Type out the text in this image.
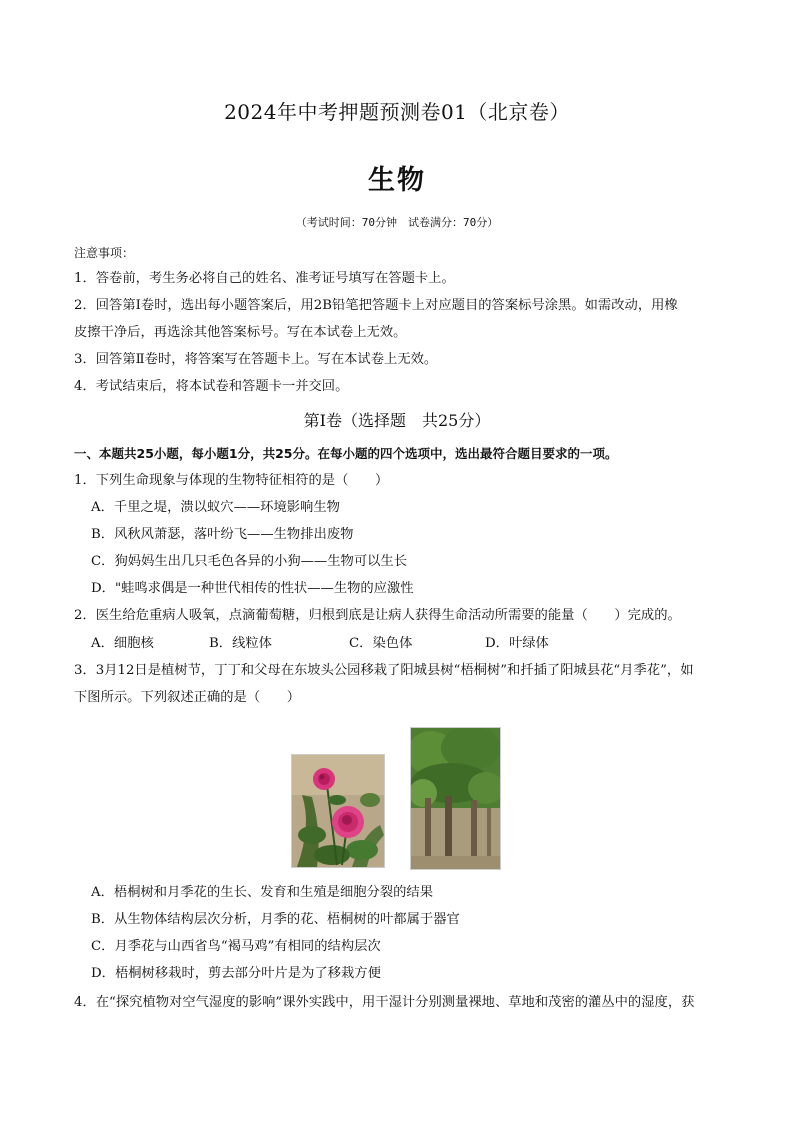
2024年中考押题预测卷01（北京卷）
生物
（考试时间：70分钟　试卷满分：70分）
注意事项：
1．答卷前，考生务必将自己的姓名、准考证号填写在答题卡上。
2．回答第Ⅰ卷时，选出每小题答案后，用2B铅笔把答题卡上对应题目的答案标号涂黑。如需改动，用橡
皮擦干净后，再选涂其他答案标号。写在本试卷上无效。
3．回答第Ⅱ卷时，将答案写在答题卡上。写在本试卷上无效。
4．考试结束后，将本试卷和答题卡一并交回。
第Ⅰ卷（选择题　共25分）
一、本题共25小题，每小题1分，共25分。在每小题的四个选项中，选出最符合题目要求的一项。
1．下列生命现象与体现的生物特征相符的是（　　）
A．千里之堤，溃以蚁穴——环境影响生物
B．风秋风萧瑟，落叶纷飞——生物排出废物
C．狗妈妈生出几只毛色各异的小狗——生物可以生长
D．"蛙鸣求偶是一种世代相传的性状——生物的应激性
2．医生给危重病人吸氧，点滴葡萄糖，归根到底是让病人获得生命活动所需要的能量（　　）完成的。
A．细胞核	B．线粒体	C．染色体	D．叶绿体
3．3月12日是植树节，丁丁和父母在东坡头公园移栽了阳城县树“梧桐树”和扦插了阳城县花“月季花”，如
下图所示。下列叙述正确的是（　　）
A．梧桐树和月季花的生长、发育和生殖是细胞分裂的结果
B．从生物体结构层次分析，月季的花、梧桐树的叶都属于器官
C．月季花与山西省鸟“褐马鸡”有相同的结构层次
D．梧桐树移栽时，剪去部分叶片是为了移栽方便
4．在“探究植物对空气湿度的影响”课外实践中，用干湿计分别测量裸地、草地和茂密的灌丛中的湿度，获
